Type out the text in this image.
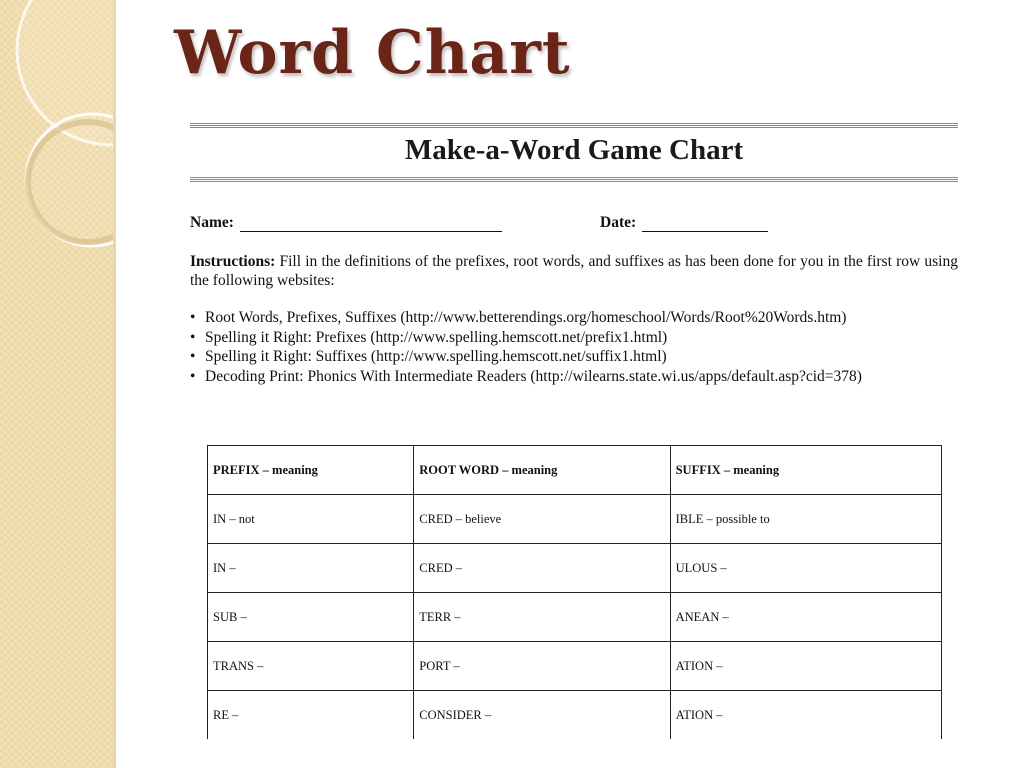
Word Chart
Make-a-Word Game Chart
Name:	Date:
Instructions: Fill in the definitions of the prefixes, root words, and suffixes as has been done for you in the first row using the following websites:
• Root Words, Prefixes, Suffixes (http://www.betterendings.org/homeschool/Words/Root%20Words.htm)
• Spelling it Right: Prefixes (http://www.spelling.hemscott.net/prefix1.html)
• Spelling it Right: Suffixes (http://www.spelling.hemscott.net/suffix1.html)
• Decoding Print: Phonics With Intermediate Readers (http://wilearns.state.wi.us/apps/default.asp?cid=378)
PREFIX – meaning	ROOT WORD – meaning	SUFFIX – meaning
IN – not	CRED – believe	IBLE – possible to
IN –	CRED –	ULOUS –
SUB –	TERR –	ANEAN –
TRANS –	PORT –	ATION –
RE –	CONSIDER –	ATION –
